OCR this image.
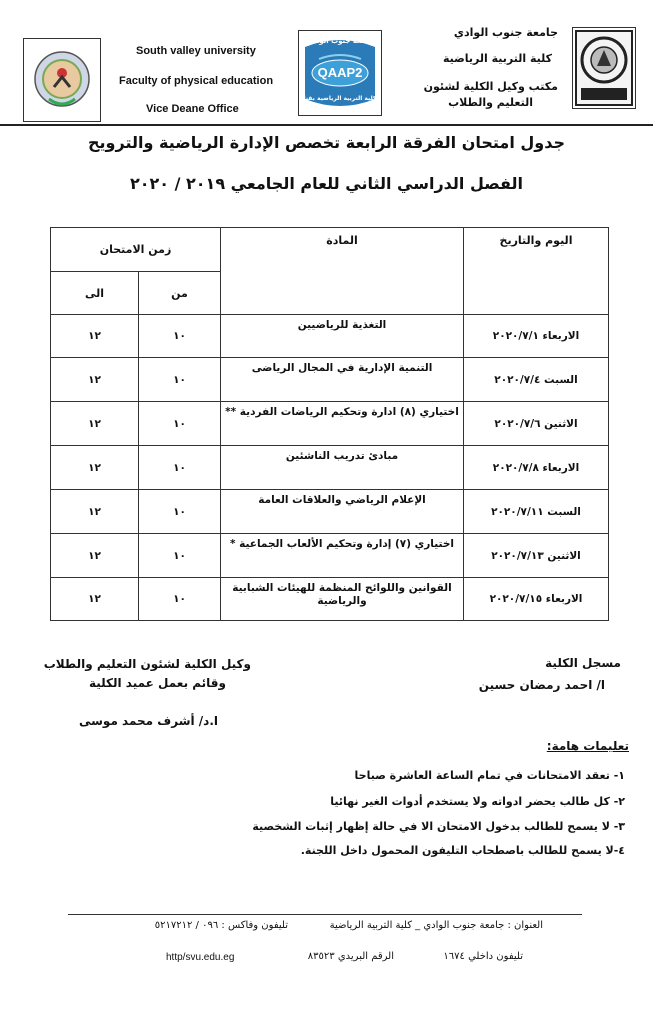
South valley university
Faculty of physical education
Vice Deane Office
جامعة جنوب الوادي
QAAP2
كلية التربية الرياضية بقنا
جامعة جنوب الوادي
كلية التربية الرياضية
مكتب وكيل الكلية لشئون
التعليم والطلاب
جدول امتحان الفرقة الرابعة تخصص الإدارة الرياضية والترويح
الفصل الدراسي الثاني للعام الجامعي ٢٠١٩ / ٢٠٢٠
زمن الامتحان		المادة	اليوم والتاريخ
الى	من		
١٢	١٠	التغذية للرياضيين	الاربعاء ٢٠٢٠/٧/١
١٢	١٠	التنمية الإدارية في المجال الرياضى	السبت ٢٠٢٠/٧/٤
١٢	١٠	اختياري (٨) ادارة وتحكيم الرياضات الفردية **	الاثنين ٢٠٢٠/٧/٦
١٢	١٠	مبادئ تدريب الناشئين	الاربعاء ٢٠٢٠/٧/٨
١٢	١٠	الإعلام الرياضي والعلاقات العامة	السبت ٢٠٢٠/٧/١١
١٢	١٠	اختياري (٧) إدارة وتحكيم الألعاب الجماعية *	الاثنين ٢٠٢٠/٧/١٣
١٢	١٠	القوانين واللوائح المنظمة للهيئات الشبابية والرياضية	الاربعاء ٢٠٢٠/٧/١٥
مسجل الكلية
ا/ احمد رمضان حسين
وكيل الكلية لشئون التعليم والطلاب
وقائم بعمل عميد الكلية
ا.د/ أشرف محمد موسى
تعليمات هامة:
١- تعقد الامتحانات في تمام الساعة العاشرة صباحا
٢- كل طالب يحضر ادواته ولا يستخدم أدوات الغير نهائيا
٣- لا يسمح للطالب بدخول الامتحان الا في حالة إظهار إثبات الشخصية
٤-لا يسمح للطالب باصطحاب التليفون المحمول داخل اللجنة.
العنوان : جامعة جنوب الوادي _ كلية التربية الرياضية
تليفون وفاكس : ٠٩٦ / ٥٢١٧٢١٢
تليفون داخلي ١٦٧٤
الرقم البريدي ٨٣٥٢٣
http/svu.edu.eg
